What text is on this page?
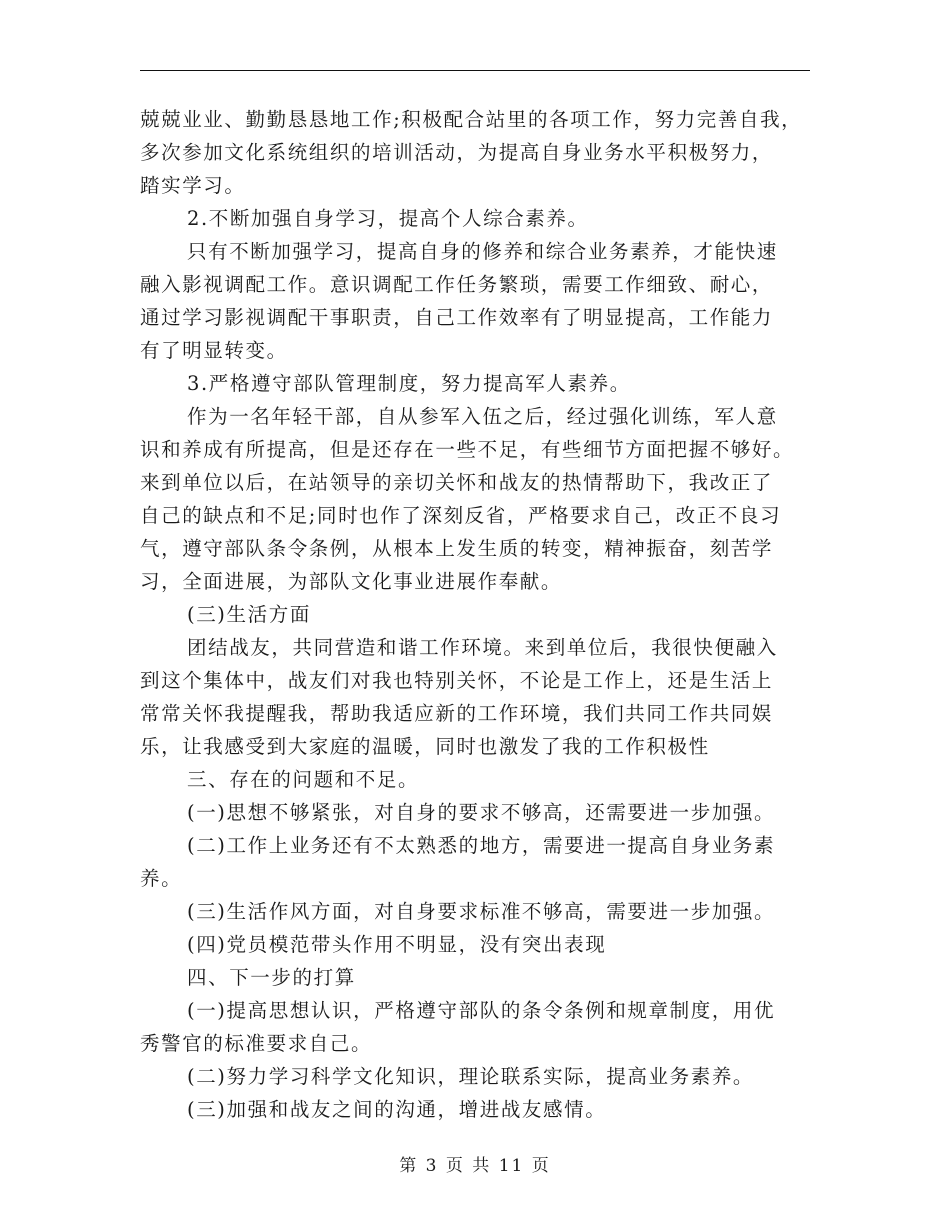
兢兢业业、勤勤恳恳地工作;积极配合站里的各项工作，努力完善自我，
多次参加文化系统组织的培训活动，为提高自身业务水平积极努力，
踏实学习。
2.不断加强自身学习，提高个人综合素养。
只有不断加强学习，提高自身的修养和综合业务素养，才能快速
融入影视调配工作。意识调配工作任务繁琐，需要工作细致、耐心，
通过学习影视调配干事职责，自己工作效率有了明显提高，工作能力
有了明显转变。
3.严格遵守部队管理制度，努力提高军人素养。
作为一名年轻干部，自从参军入伍之后，经过强化训练，军人意
识和养成有所提高，但是还存在一些不足，有些细节方面把握不够好。
来到单位以后，在站领导的亲切关怀和战友的热情帮助下，我改正了
自己的缺点和不足;同时也作了深刻反省，严格要求自己，改正不良习
气，遵守部队条令条例，从根本上发生质的转变，精神振奋，刻苦学
习，全面进展，为部队文化事业进展作奉献。
(三)生活方面
团结战友，共同营造和谐工作环境。来到单位后，我很快便融入
到这个集体中，战友们对我也特别关怀，不论是工作上，还是生活上
常常关怀我提醒我，帮助我适应新的工作环境，我们共同工作共同娱
乐，让我感受到大家庭的温暖，同时也激发了我的工作积极性
三、存在的问题和不足。
(一)思想不够紧张，对自身的要求不够高，还需要进一步加强。
(二)工作上业务还有不太熟悉的地方，需要进一提高自身业务素
养。
(三)生活作风方面，对自身要求标准不够高，需要进一步加强。
(四)党员模范带头作用不明显，没有突出表现
四、下一步的打算
(一)提高思想认识，严格遵守部队的条令条例和规章制度，用优
秀警官的标准要求自己。
(二)努力学习科学文化知识，理论联系实际，提高业务素养。
(三)加强和战友之间的沟通，增进战友感情。
第 3 页 共 11 页
